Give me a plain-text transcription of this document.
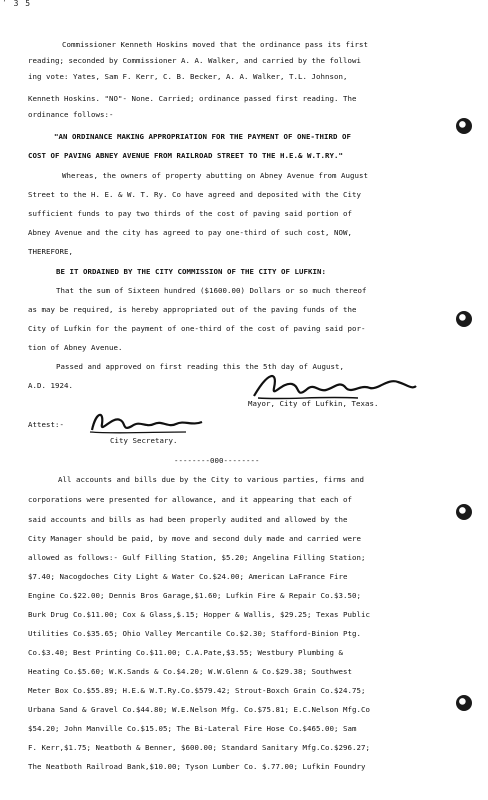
ʹ 3 5
Commissioner Kenneth Hoskins moved that the ordinance pass its first
reading; seconded by Commissioner A. A. Walker, and carried by the followi
ing vote: Yates, Sam F. Kerr, C. B. Becker, A. A. Walker, T.L. Johnson,
Kenneth Hoskins. "NO"- None. Carried; ordinance passed first reading. The
ordinance follows:-
"AN ORDINANCE MAKING APPROPRIATION FOR THE PAYMENT OF ONE-THIRD OF
COST OF PAVING ABNEY AVENUE FROM RAILROAD STREET TO THE H.E.& W.T.RY."
Whereas, the owners of property abutting on Abney Avenue from August
Street to the H. E. & W. T. Ry. Co have agreed and deposited with the City
sufficient funds to pay two thirds of the cost of paving said portion of
Abney Avenue and the city has agreed to pay one-third of such cost, NOW,
THEREFORE,
BE IT ORDAINED BY THE CITY COMMISSION OF THE CITY OF LUFKIN:
That the sum of Sixteen hundred ($1600.00) Dollars or so much thereof
as may be required, is hereby appropriated out of the paving funds of the
City of Lufkin for the payment of one-third of the cost of paving said por-
tion of Abney Avenue.
Passed and approved on first reading this the 5th day of August,
A.D. 1924.
Mayor, City of Lufkin, Texas.
Attest:-
City Secretary.
--------000--------
All accounts and bills due by the City to various parties, firms and
corporations were presented for allowance, and it appearing that each of
said accounts and bills as had been properly audited and allowed by the
City Manager should be paid, by move and second duly made and carried were
allowed as follows:- Gulf Filling Station, $5.20; Angelina Filling Station;
$7.40; Nacogdoches City Light & Water Co.$24.00; American LaFrance Fire
Engine Co.$22.00; Dennis Bros Garage,$1.60; Lufkin Fire & Repair Co.$3.50;
Burk Drug Co.$11.00; Cox & Glass,$.15; Hopper & Wallis, $29.25; Texas Public
Utilities Co.$35.65; Ohio Valley Mercantile Co.$2.30; Stafford-Binion Ptg.
Co.$3.40; Best Printing Co.$11.00; C.A.Pate,$3.55; Westbury Plumbing &
Heating Co.$5.60; W.K.Sands & Co.$4.20; W.W.Glenn & Co.$29.38; Southwest
Meter Box Co.$55.89; H.E.& W.T.Ry.Co.$579.42; Strout-Boxch Grain Co.$24.75;
Urbana Sand & Gravel Co.$44.80; W.E.Nelson Mfg. Co.$75.81; E.C.Nelson Mfg.Co
$54.20; John Manville Co.$15.05; The Bi-Lateral Fire Hose Co.$465.00; Sam
F. Kerr,$1.75; Neatboth & Benner, $600.00; Standard Sanitary Mfg.Co.$296.27;
The Neatboth Railroad Bank,$10.00; Tyson Lumber Co. $.77.00; Lufkin Foundry
